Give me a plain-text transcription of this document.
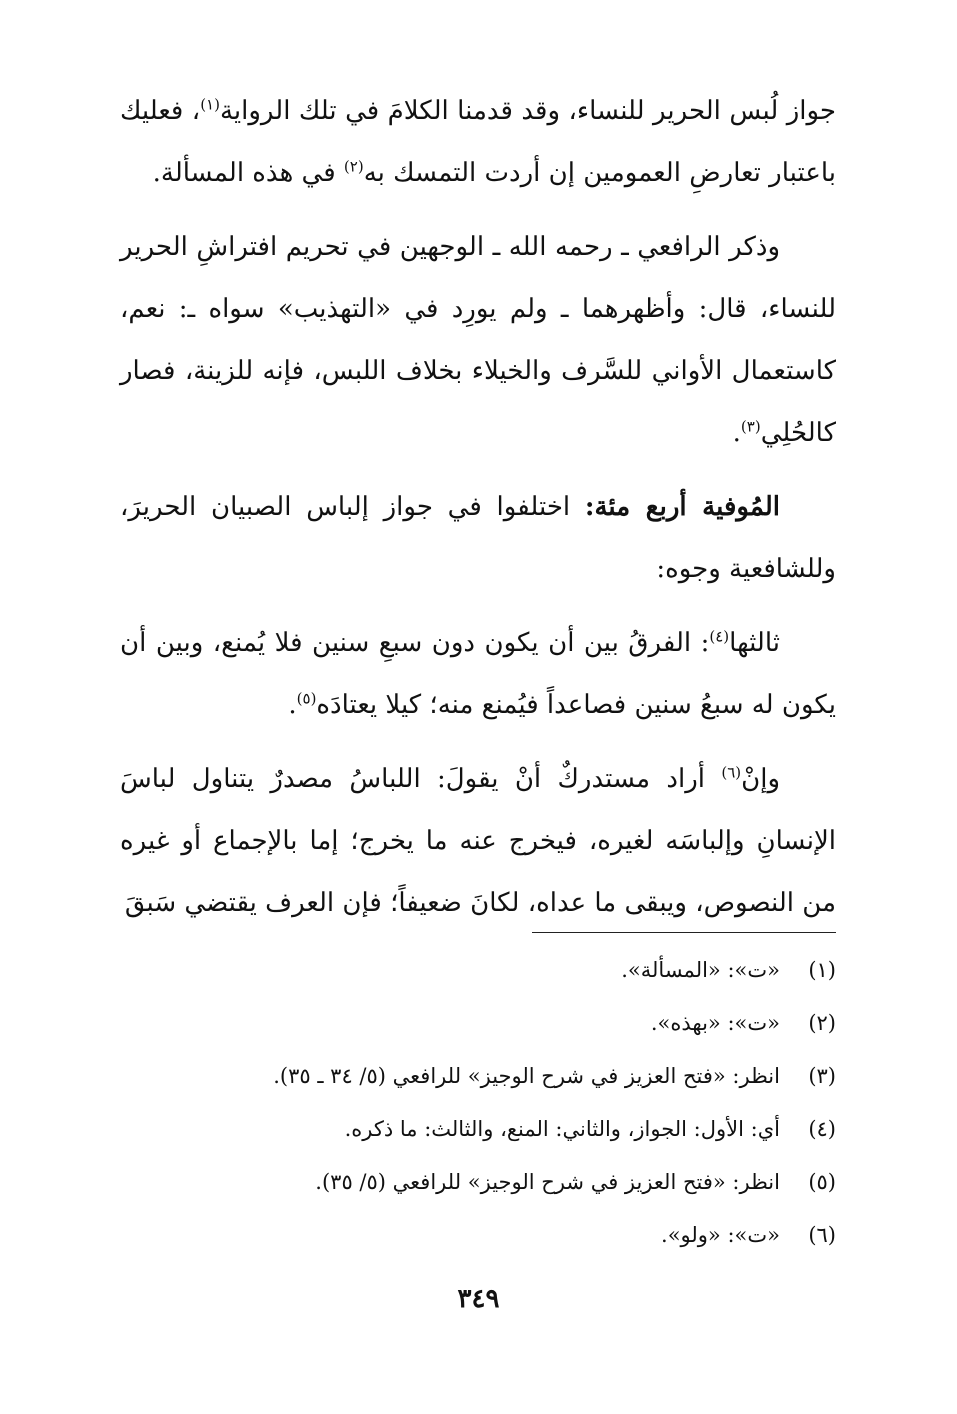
جواز لُبس الحرير للنساء، وقد قدمنا الكلامَ في تلك الرواية$^{(١)}$، فعليك باعتبار تعارضِ العمومين إن أردت التمسك به$^{(٢)}$ في هذه المسألة.

وذكر الرافعي ـ رحمه الله ـ الوجهين في تحريم افتراشِ الحرير للنساء، قال: وأظهرهما ـ ولم يورِد في «التهذيب» سواه ـ: نعم، كاستعمال الأواني للسَّرف والخيلاء بخلاف اللبس، فإنه للزينة، فصار كالحُلِي$^{(٣)}$.

المُوفية أربع مئة: اختلفوا في جواز إلباس الصبيان الحريرَ، وللشافعية وجوه:

ثالثها$^{(٤)}$: الفرقُ بين أن يكون دون سبعِ سنين فلا يُمنع، وبين أن يكون له سبعُ سنين فصاعداً فيُمنع منه؛ كيلا يعتادَه$^{(٥)}$.

وإنْ$^{(٦)}$ أراد مستدركٌ أنْ يقولَ: اللباسُ مصدرٌ يتناول لباسَ الإنسانِ وإلباسَه لغيره، فيخرج عنه ما يخرج؛ إما بالإجماع أو غيره من النصوص، ويبقى ما عداه، لكانَ ضعيفاً؛ فإن العرف يقتضي سَبقَ

(١)
«ت»: «المسألة».
(٢)
«ت»: «بهذه».
(٣)
انظر: «فتح العزيز في شرح الوجيز» للرافعي (٥/ ٣٤ ـ ٣٥).
(٤)
أي: الأول: الجواز، والثاني: المنع، والثالث: ما ذكره.
(٥)
انظر: «فتح العزيز في شرح الوجيز» للرافعي (٥/ ٣٥).
(٦)
«ت»: «ولو».
٣٤٩
